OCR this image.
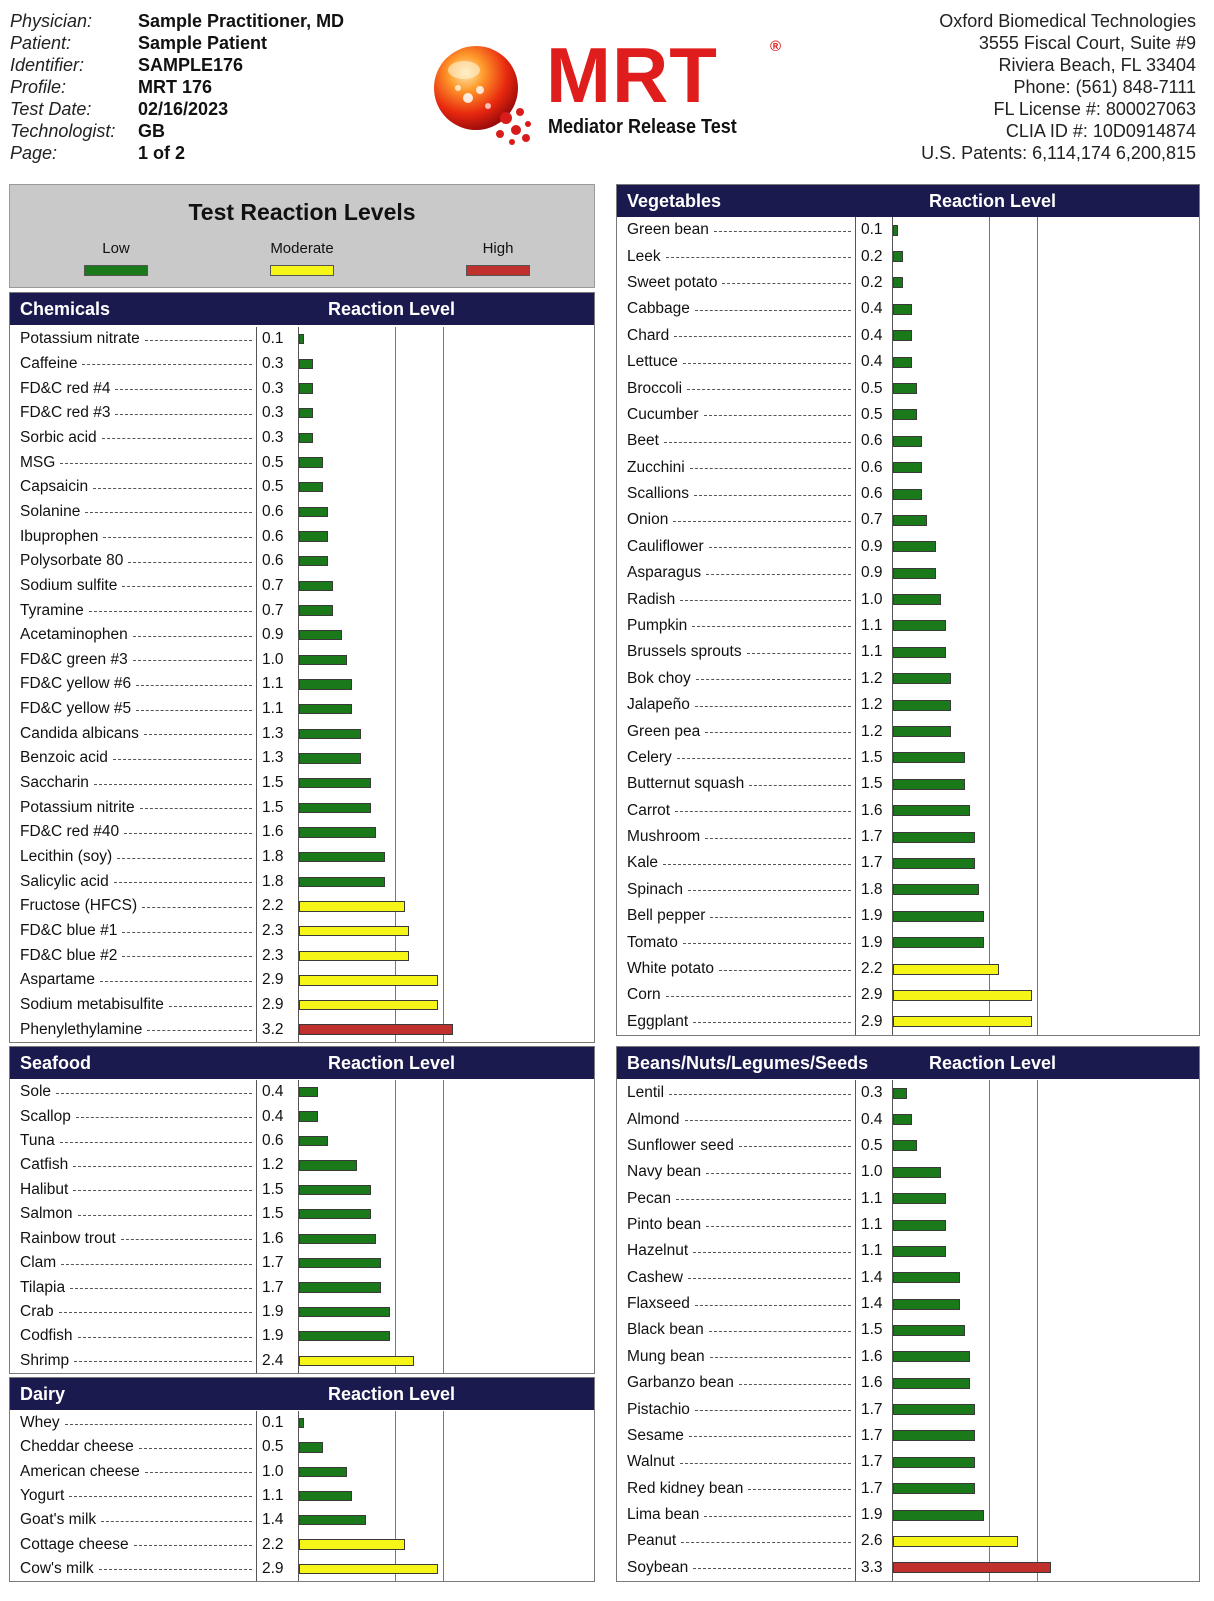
Physician:	Sample Practitioner, MD
Patient:	Sample Patient
Identifier:	SAMPLE176
Profile:	MRT 176
Test Date:	02/16/2023
Technologist:	GB
Page:	1 of 2
MRT	®
Mediator Release Test
Oxford Biomedical Technologies
3555 Fiscal Court, Suite #9
Riviera Beach, FL 33404
Phone: (561) 848-7111
FL License #: 800027063
CLIA ID #: 10D0914874
U.S. Patents: 6,114,174 6,200,815
Test Reaction Levels
Low	Moderate	High
Chemicals	Reaction Level
Potassium nitrate	0.1
Caffeine	0.3
FD&C red #4	0.3
FD&C red #3	0.3
Sorbic acid	0.3
MSG	0.5
Capsaicin	0.5
Solanine	0.6
Ibuprophen	0.6
Polysorbate 80	0.6
Sodium sulfite	0.7
Tyramine	0.7
Acetaminophen	0.9
FD&C green #3	1.0
FD&C yellow #6	1.1
FD&C yellow #5	1.1
Candida albicans	1.3
Benzoic acid	1.3
Saccharin	1.5
Potassium nitrite	1.5
FD&C red #40	1.6
Lecithin (soy)	1.8
Salicylic acid	1.8
Fructose (HFCS)	2.2
FD&C blue #1	2.3
FD&C blue #2	2.3
Aspartame	2.9
Sodium metabisulfite	2.9
Phenylethylamine	3.2
Seafood	Reaction Level
Sole	0.4
Scallop	0.4
Tuna	0.6
Catfish	1.2
Halibut	1.5
Salmon	1.5
Rainbow trout	1.6
Clam	1.7
Tilapia	1.7
Crab	1.9
Codfish	1.9
Shrimp	2.4
Dairy	Reaction Level
Whey	0.1
Cheddar cheese	0.5
American cheese	1.0
Yogurt	1.1
Goat's milk	1.4
Cottage cheese	2.2
Cow's milk	2.9
Vegetables	Reaction Level
Green bean	0.1
Leek	0.2
Sweet potato	0.2
Cabbage	0.4
Chard	0.4
Lettuce	0.4
Broccoli	0.5
Cucumber	0.5
Beet	0.6
Zucchini	0.6
Scallions	0.6
Onion	0.7
Cauliflower	0.9
Asparagus	0.9
Radish	1.0
Pumpkin	1.1
Brussels sprouts	1.1
Bok choy	1.2
Jalapeño	1.2
Green pea	1.2
Celery	1.5
Butternut squash	1.5
Carrot	1.6
Mushroom	1.7
Kale	1.7
Spinach	1.8
Bell pepper	1.9
Tomato	1.9
White potato	2.2
Corn	2.9
Eggplant	2.9
Beans/Nuts/Legumes/Seeds	Reaction Level
Lentil	0.3
Almond	0.4
Sunflower seed	0.5
Navy bean	1.0
Pecan	1.1
Pinto bean	1.1
Hazelnut	1.1
Cashew	1.4
Flaxseed	1.4
Black bean	1.5
Mung bean	1.6
Garbanzo bean	1.6
Pistachio	1.7
Sesame	1.7
Walnut	1.7
Red kidney bean	1.7
Lima bean	1.9
Peanut	2.6
Soybean	3.3
